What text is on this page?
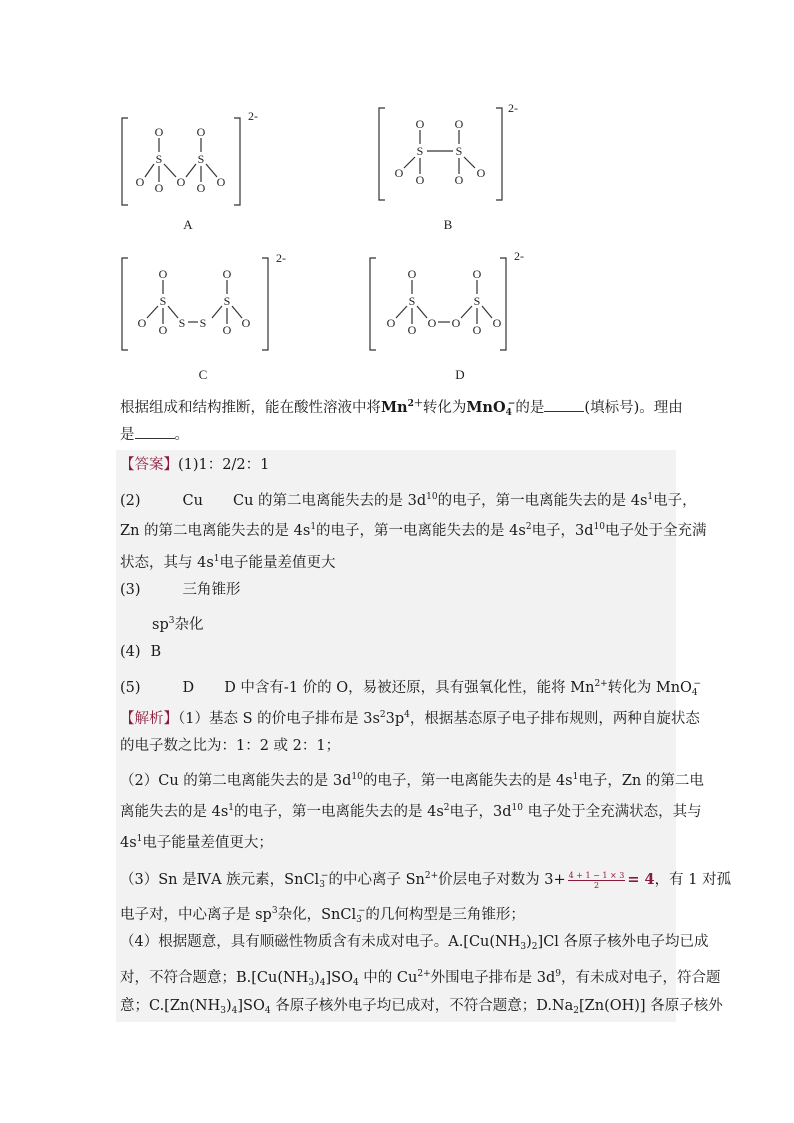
2-
2-
2-	2-
O
S
O	O
O
O
S
O
O
O
S
O O
O
S
O
O
O
S
O	S
O	S
O
S
O
O
O
S
O	O
O	O
O
S
O
O
A	B
C	D
根据组成和结构推断，能在酸性溶液中将$Mn^{2+}$转化为MnO$_4$−的是	(填标号)。理由
是	。
【答案】(1)1：2/2：1
(2)	Cu Cu 的第二电离能失去的是 $3d^{10}$的电子，第一电离能失去的是 $4s^1$电子，
Zn 的第二电离能失去的是 $4s^1$的电子，第一电离能失去的是 $4s^2$电子，$3d^{10}$电子处于全充满
状态，其与 $4s^1$电子能量差值更大
(3)	三角锥形
$sp^3$杂化
(4) B
(5)	D D 中含有-1 价的 O，易被还原，具有强氧化性，能将 $Mn^{2+}$转化为 MnO$_4$−
【解析】（1）基态 S 的价电子排布是 $3s^23p^4$，根据基态原子电子排布规则，两种自旋状态
的电子数之比为：1：2 或 2：1；
（2）Cu 的第二电离能失去的是 $3d^{10}$的电子，第一电离能失去的是 $4s^1$电子，Zn 的第二电
离能失去的是 $4s^1$的电子，第一电离能失去的是 $4s^2$电子，$3d^{10}$ 电子处于全充满状态，其与
$4s^1$电子能量差值更大；
（3）Sn 是ⅣA 族元素，SnCl$_3$−的中心离子 $Sn^{2+}$价层电子对数为 $3+ \frac{4 + 1 - 1 \times 3}{2} = 4$，有 1 对孤
电子对，中心离子是 $sp^3$杂化，SnCl$_3$−的几何构型是三角锥形；
（4）根据题意，具有顺磁性物质含有未成对电子。$A.[Cu(NH_3)_2]Cl$ 各原子核外电子均已成
对，不符合题意；$B.[Cu(NH_3)_4]SO_4$ 中的 $Cu^{2+}$外围电子排布是 $3d^9$，有未成对电子，符合题
意；$C.[Zn(NH_3)_4]SO_4$ 各原子核外电子均已成对，不符合题意；$D.Na_2[Zn(OH)]$ 各原子核外
